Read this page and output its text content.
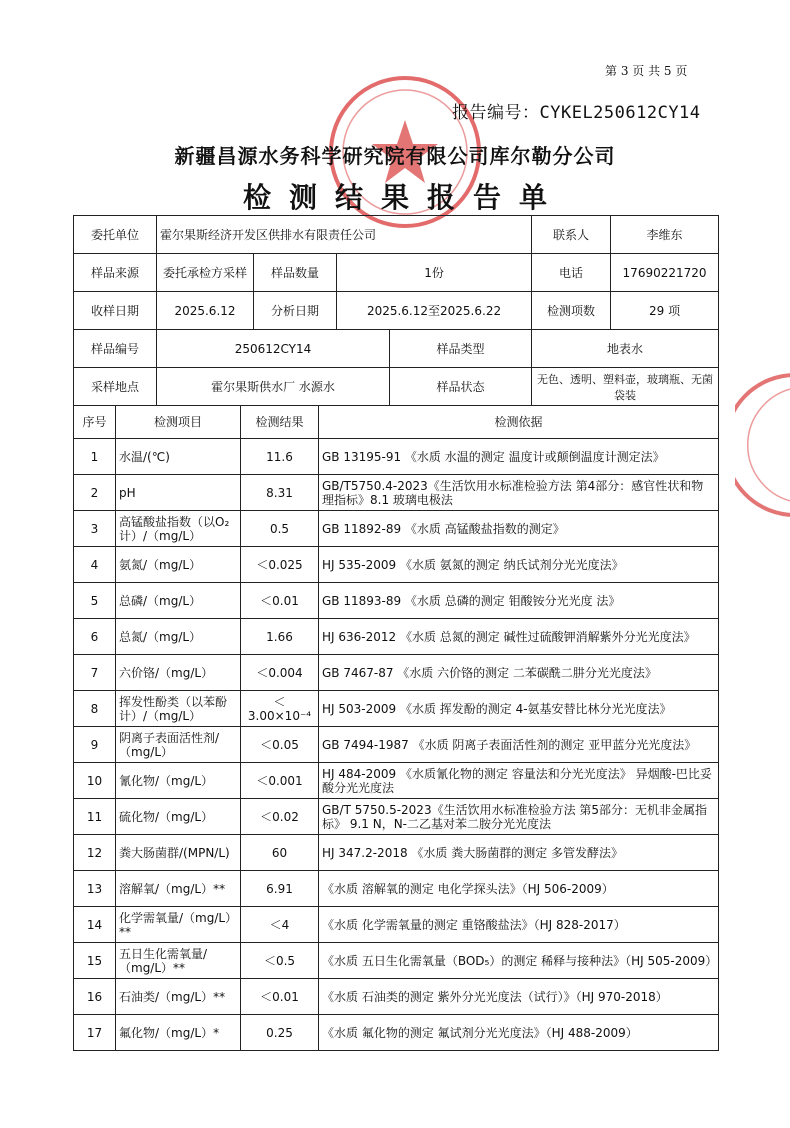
第 3 页 共 5 页
报告编号：CYKEL250612CY14
新疆昌源水务科学研究院有限公司库尔勒分公司
检测结果报告单
委托单位	霍尔果斯经济开发区供排水有限责任公司				联系人	李维东
样品来源	委托承检方采样	样品数量	1份		电话	17690221720
收样日期	2025.6.12	分析日期	2025.6.12至2025.6.22		检测项数	29 项
样品编号	250612CY14			样品类型	地表水	
采样地点	霍尔果斯供水厂 水源水			样品状态	无色、透明、塑料壶，玻璃瓶、无菌袋装	
序号	检测项目	检测结果	检测依据
1	水温/(℃)	11.6	GB 13195-91 《水质 水温的测定 温度计或颠倒温度计测定法》
2	pH	8.31	GB/T5750.4-2023《生活饮用水标准检验方法 第4部分：感官性状和物理指标》8.1 玻璃电极法
3	高锰酸盐指数（以O₂计）/（mg/L）	0.5	GB 11892-89 《水质 高锰酸盐指数的测定》
4	氨氮/（mg/L）	＜0.025	HJ 535-2009 《水质 氨氮的测定 纳氏试剂分光光度法》
5	总磷/（mg/L）	＜0.01	GB 11893-89 《水质 总磷的测定 钼酸铵分光光度 法》
6	总氮/（mg/L）	1.66	HJ 636-2012 《水质 总氮的测定 碱性过硫酸钾消解紫外分光光度法》
7	六价铬/（mg/L）	＜0.004	GB 7467-87 《水质 六价铬的测定 二苯碳酰二肼分光光度法》
8	挥发性酚类（以苯酚计）/（mg/L）	＜3.00×10⁻⁴	HJ 503-2009 《水质 挥发酚的测定 4-氨基安替比林分光光度法》
9	阴离子表面活性剂/（mg/L）	＜0.05	GB 7494-1987 《水质 阴离子表面活性剂的测定 亚甲蓝分光光度法》
10	氰化物/（mg/L）	＜0.001	HJ 484-2009 《水质氰化物的测定 容量法和分光光度法》 异烟酸-巴比妥酸分光光度法
11	硫化物/（mg/L）	＜0.02	GB/T 5750.5-2023《生活饮用水标准检验方法 第5部分：无机非金属指标》 9.1 N，N-二乙基对苯二胺分光光度法
12	粪大肠菌群/(MPN/L)	60	HJ 347.2-2018 《水质 粪大肠菌群的测定 多管发酵法》
13	溶解氧/（mg/L）**	6.91	《水质 溶解氧的测定 电化学探头法》（HJ 506-2009）
14	化学需氧量/（mg/L）**	＜4	《水质 化学需氧量的测定 重铬酸盐法》（HJ 828-2017）
15	五日生化需氧量/（mg/L）**	＜0.5	《水质 五日生化需氧量（BOD₅）的测定 稀释与接种法》（HJ 505-2009）
16	石油类/（mg/L）**	＜0.01	《水质 石油类的测定 紫外分光光度法（试行）》（HJ 970-2018）
17	氟化物/（mg/L）*	0.25	《水质 氟化物的测定 氟试剂分光光度法》（HJ 488-2009）
